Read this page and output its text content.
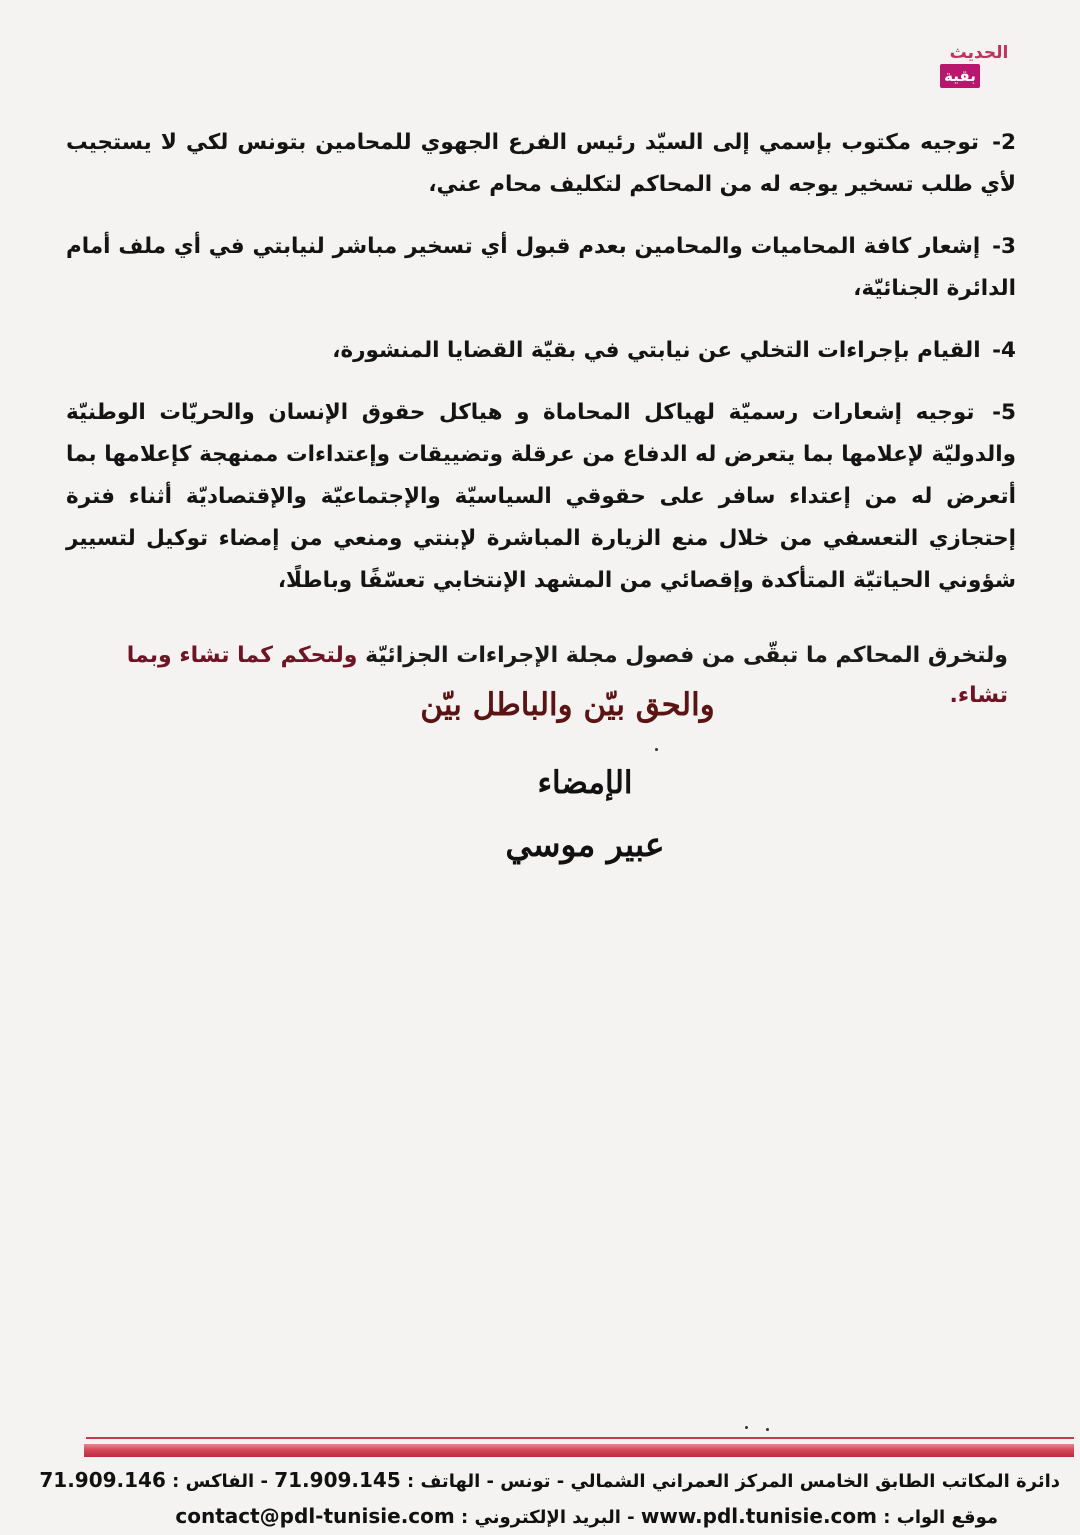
الحديث
بقية

2- توجيه مكتوب بإسمي إلى السيّد رئيس الفرع الجهوي للمحامين بتونس لكي لا يستجيب لأي طلب تسخير يوجه له من المحاكم لتكليف محام عني،

3- إشعار كافة المحاميات والمحامين بعدم قبول أي تسخير مباشر لنيابتي في أي ملف أمام الدائرة الجنائيّة،

4- القيام بإجراءات التخلي عن نيابتي في بقيّة القضايا المنشورة،

5- توجيه إشعارات رسميّة لهياكل المحاماة و هياكل حقوق الإنسان والحريّات الوطنيّة والدوليّة لإعلامها بما يتعرض له الدفاع من عرقلة وتضييقات وإعتداءات ممنهجة كإعلامها بما أتعرض له من إعتداء سافر على حقوقي السياسيّة والإجتماعيّة والإقتصاديّة أثناء فترة إحتجازي التعسفي من خلال منع الزيارة المباشرة لإبنتي ومنعي من إمضاء توكيل لتسيير شؤوني الحياتيّة المتأكدة وإقصائي من المشهد الإنتخابي تعسّفًا وباطلًا،

ولتخرق المحاكم ما تبقّى من فصول مجلة الإجراءات الجزائيّة ولتحكم كما تشاء وبما تشاء.
والحق بيّن والباطل بيّن
الإمضاء
عبير موسي
دائرة المكاتب الطابق الخامس المركز العمراني الشمالي - تونس - الهاتف : 71.909.145 - الفاكس : 71.909.146
موقع الواب : www.pdl.tunisie.com - البريد الإلكتروني : contact@pdl-tunisie.com
